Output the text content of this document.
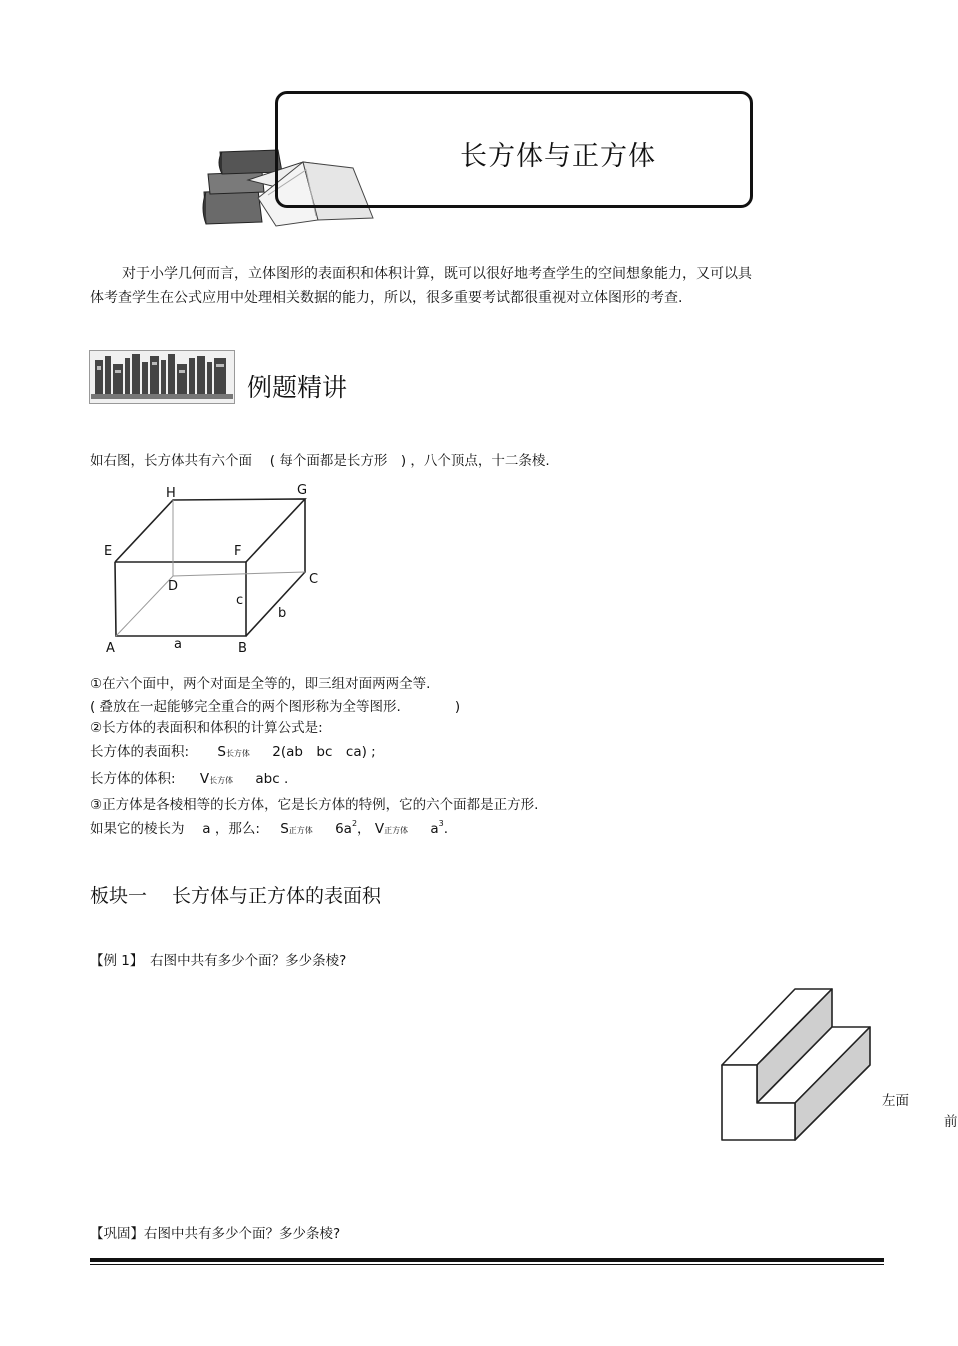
长方体与正方体
对于小学几何而言，立体图形的表面积和体积计算，既可以很好地考查学生的空间想象能力，又可以具
体考查学生在公式应用中处理相关数据的能力，所以，很多重要考试都很重视对立体图形的考查.
例题精讲
如右图，长方体共有六个面　 ( 每个面都是长方形　) ，八个顶点，十二条棱.
H	G
E	F
D	C
c
b
a
A	B
①在六个面中，两个对面是全等的，即三组对面两两全等.
( 叠放在一起能够完全重合的两个图形称为全等图形.　　　　)
②长方体的表面积和体积的计算公式是:
长方体的表面积: S长方体 2(ab　bc　ca) ;
长方体的体积: V长方体 abc .
③正方体是各棱相等的长方体，它是长方体的特例，它的六个面都是正方形.
如果它的棱长为　 a ，那么: S正方体 $6a^2$， V正方体 $a^3$.
板块一　 长方体与正方体的表面积
【例 1】　右图中共有多少个面？多少条棱?
左面
前
【巩固】右图中共有多少个面？多少条棱?
